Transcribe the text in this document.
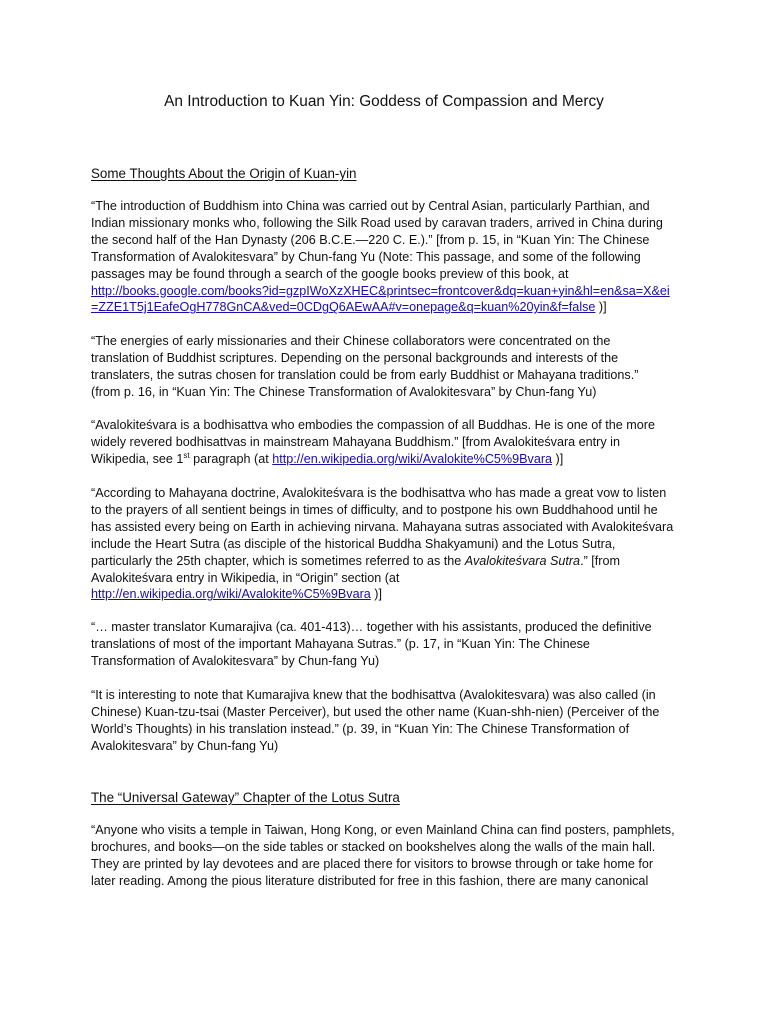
An Introduction to Kuan Yin: Goddess of Compassion and Mercy
Some Thoughts About the Origin of Kuan-yin
“The introduction of Buddhism into China was carried out by Central Asian, particularly Parthian, and
Indian missionary monks who, following the Silk Road used by caravan traders, arrived in China during
the second half of the Han Dynasty (206 B.C.E.—220 C. E.).” [from p. 15, in “Kuan Yin: The Chinese
Transformation of Avalokitesvara” by Chun-fang Yu (Note: This passage, and some of the following
passages may be found through a search of the google books preview of this book, at
http://books.google.com/books?id=gzpIWoXzXHEC&printsec=frontcover&dq=kuan+yin&hl=en&sa=X&ei
=ZZE1T5j1EafeOgH778GnCA&ved=0CDgQ6AEwAA#v=onepage&q=kuan%20yin&f=false )]
“The energies of early missionaries and their Chinese collaborators were concentrated on the
translation of Buddhist scriptures. Depending on the personal backgrounds and interests of the
translaters, the sutras chosen for translation could be from early Buddhist or Mahayana traditions.”
(from p. 16, in “Kuan Yin: The Chinese Transformation of Avalokitesvara” by Chun-fang Yu)
“Avalokiteśvara is a bodhisattva who embodies the compassion of all Buddhas. He is one of the more
widely revered bodhisattvas in mainstream Mahayana Buddhism.” [from Avalokiteśvara entry in
Wikipedia, see 1st paragraph (at http://en.wikipedia.org/wiki/Avalokite%C5%9Bvara )]
“According to Mahayana doctrine, Avalokiteśvara is the bodhisattva who has made a great vow to listen
to the prayers of all sentient beings in times of difficulty, and to postpone his own Buddhahood until he
has assisted every being on Earth in achieving nirvana. Mahayana sutras associated with Avalokiteśvara
include the Heart Sutra (as disciple of the historical Buddha Shakyamuni) and the Lotus Sutra,
particularly the 25th chapter, which is sometimes referred to as the Avalokiteśvara Sutra.” [from
Avalokiteśvara entry in Wikipedia, in “Origin” section (at
http://en.wikipedia.org/wiki/Avalokite%C5%9Bvara )]
“… master translator Kumarajiva (ca. 401-413)… together with his assistants, produced the definitive
translations of most of the important Mahayana Sutras.” (p. 17, in “Kuan Yin: The Chinese
Transformation of Avalokitesvara” by Chun-fang Yu)
“It is interesting to note that Kumarajiva knew that the bodhisattva (Avalokitesvara) was also called (in
Chinese) Kuan-tzu-tsai (Master Perceiver), but used the other name (Kuan-shh-nien) (Perceiver of the
World’s Thoughts) in his translation instead.” (p. 39, in “Kuan Yin: The Chinese Transformation of
Avalokitesvara” by Chun-fang Yu)
The “Universal Gateway” Chapter of the Lotus Sutra
“Anyone who visits a temple in Taiwan, Hong Kong, or even Mainland China can find posters, pamphlets,
brochures, and books—on the side tables or stacked on bookshelves along the walls of the main hall.
They are printed by lay devotees and are placed there for visitors to browse through or take home for
later reading. Among the pious literature distributed for free in this fashion, there are many canonical
